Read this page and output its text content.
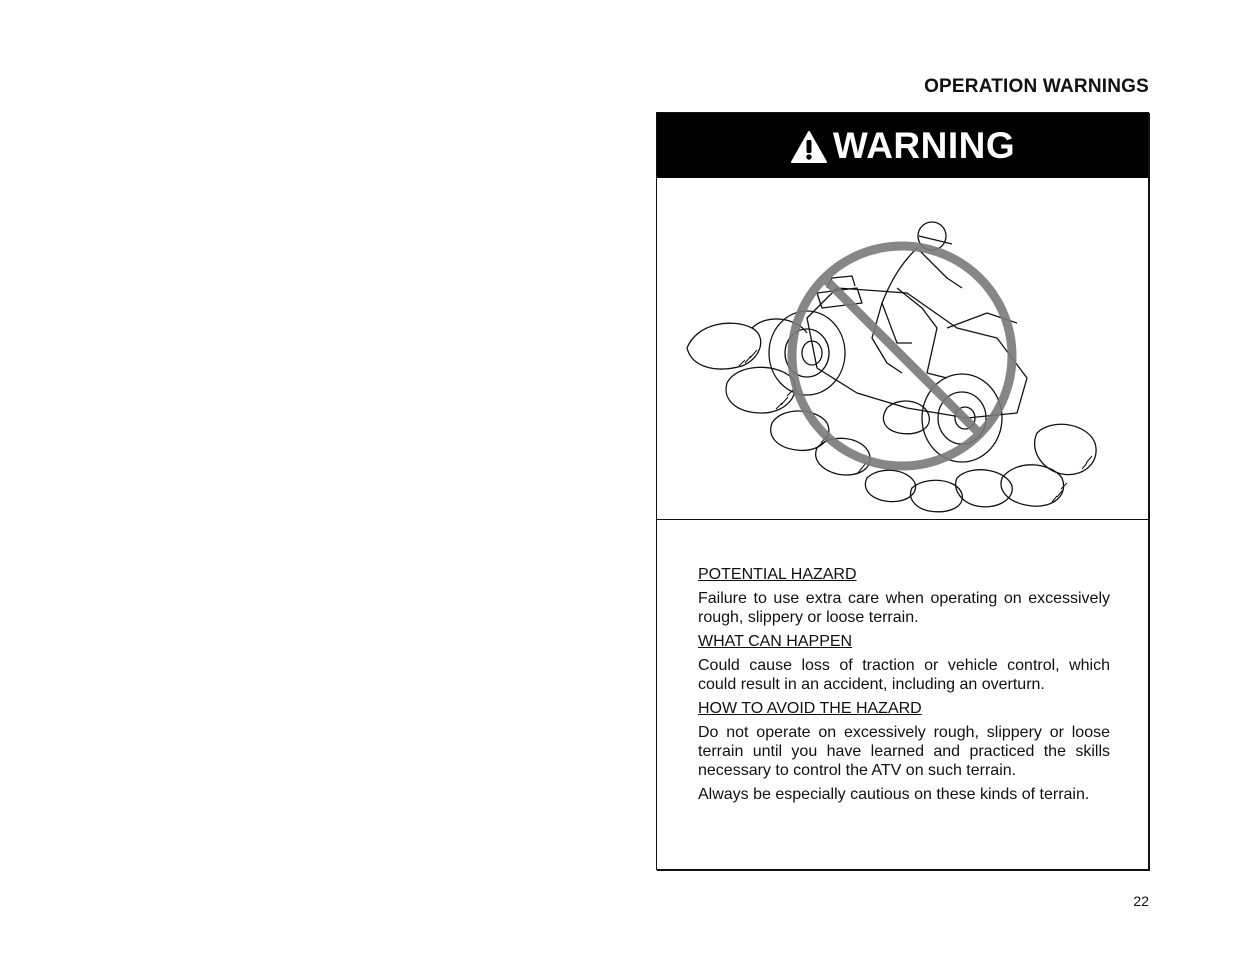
OPERATION WARNINGS
WARNING
POTENTIAL HAZARD
Failure to use extra care when operating on excessively rough, slippery or loose terrain.
WHAT CAN HAPPEN
Could cause loss of traction or vehicle control, which could result in an accident, including an overturn.
HOW TO AVOID THE HAZARD
Do not operate on excessively rough, slippery or loose terrain until you have learned and practiced the skills necessary to control the ATV on such terrain.
Always be especially cautious on these kinds of terrain.
22
